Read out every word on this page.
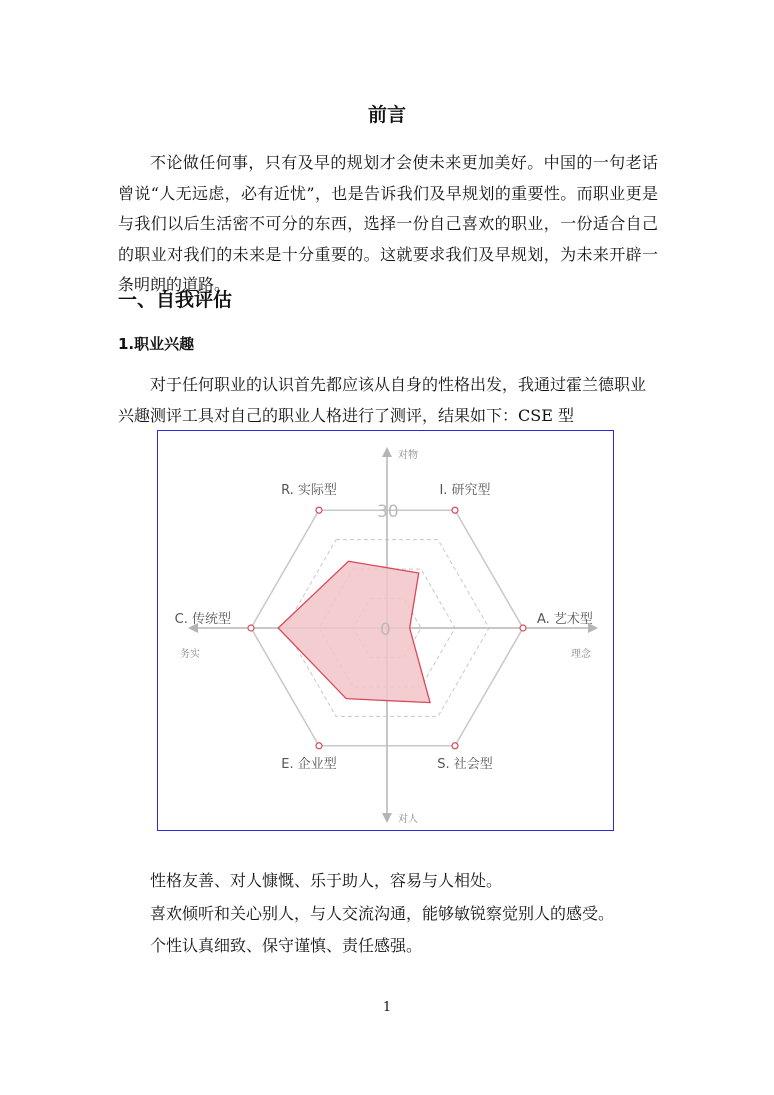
前言

不论做任何事，只有及早的规划才会使未来更加美好。中国的一句老话曾说“人无远虑，必有近忧”，也是告诉我们及早规划的重要性。而职业更是与我们以后生活密不可分的东西，选择一份自己喜欢的职业，一份适合自己的职业对我们的未来是十分重要的。这就要求我们及早规划，为未来开辟一条明朗的道路。

一、自我评估
1.职业兴趣

对于任何职业的认识首先都应该从自身的性格出发，我通过霍兰德职业兴趣测评工具对自己的职业人格进行了测评，结果如下：CSE 型

对物
对人
务实	理念
30
0
R. 实际型	I. 研究型
A. 艺术型
S. 社会型
E. 企业型
C. 传统型

性格友善、对人慷慨、乐于助人，容易与人相处。

喜欢倾听和关心别人，与人交流沟通，能够敏锐察觉别人的感受。

个性认真细致、保守谨慎、责任感强。

1
